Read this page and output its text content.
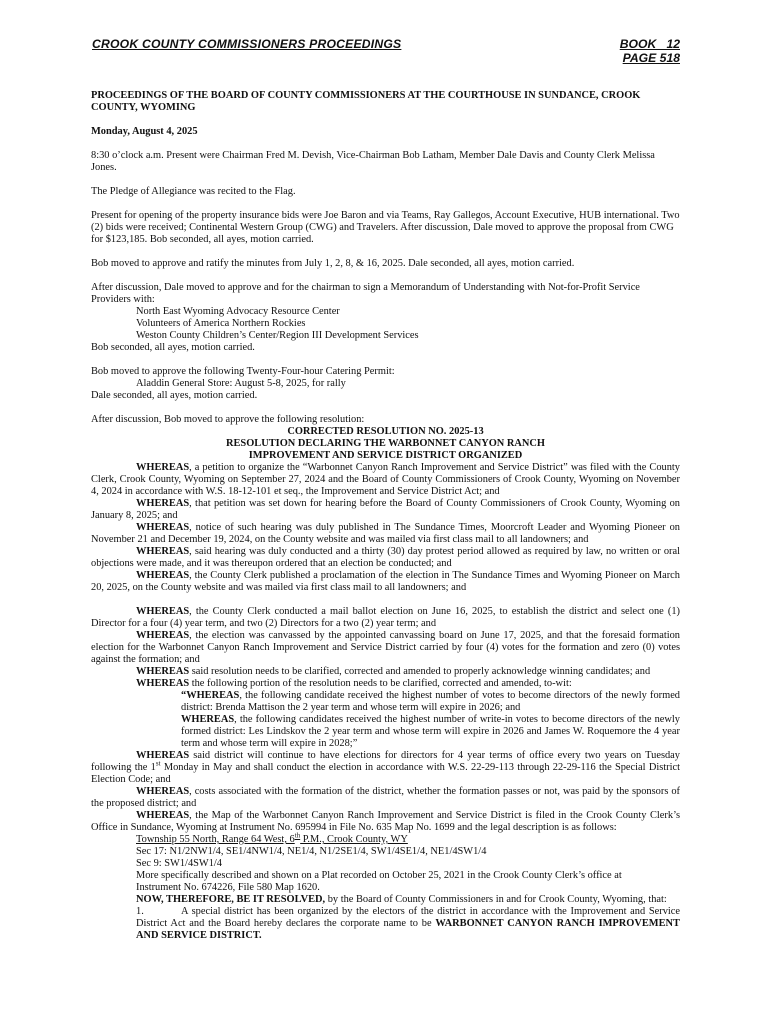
CROOK COUNTY COMMISSIONERS PROCEEDINGS	BOOK   12
PAGE 518

PROCEEDINGS OF THE BOARD OF COUNTY COMMISSIONERS AT THE COURTHOUSE IN SUNDANCE, CROOK COUNTY, WYOMING

Monday, August 4, 2025

8:30 o’clock a.m. Present were Chairman Fred M. Devish, Vice-Chairman Bob Latham, Member Dale Davis and County Clerk Melissa Jones.

The Pledge of Allegiance was recited to the Flag.

Present for opening of the property insurance bids were Joe Baron and via Teams, Ray Gallegos, Account Executive, HUB international. Two (2) bids were received; Continental Western Group (CWG) and Travelers. After discussion, Dale moved to approve the proposal from CWG for $123,185. Bob seconded, all ayes, motion carried.

Bob moved to approve and ratify the minutes from July 1, 2, 8, & 16, 2025. Dale seconded, all ayes, motion carried.

After discussion, Dale moved to approve and for the chairman to sign a Memorandum of Understanding with Not-for-Profit Service Providers with:

North East Wyoming Advocacy Resource Center

Volunteers of America Northern Rockies

Weston County Children’s Center/Region III Development Services

Bob seconded, all ayes, motion carried.

Bob moved to approve the following Twenty-Four-hour Catering Permit:

Aladdin General Store: August 5-8, 2025, for rally

Dale seconded, all ayes, motion carried.

After discussion, Bob moved to approve the following resolution:

CORRECTED RESOLUTION NO. 2025-13

RESOLUTION DECLARING THE WARBONNET CANYON RANCH

IMPROVEMENT AND SERVICE DISTRICT ORGANIZED

WHEREAS, a petition to organize the “Warbonnet Canyon Ranch Improvement and Service District” was filed with the County Clerk, Crook County, Wyoming on September 27, 2024 and the Board of County Commissioners of Crook County, Wyoming on November 4, 2024 in accordance with W.S. 18-12-101 et seq., the Improvement and Service District Act; and

WHEREAS, that petition was set down for hearing before the Board of County Commissioners of Crook County, Wyoming on January 8, 2025; and

WHEREAS, notice of such hearing was duly published in The Sundance Times, Moorcroft Leader and Wyoming Pioneer on November 21 and December 19, 2024, on the County website and was mailed via first class mail to all landowners; and

WHEREAS, said hearing was duly conducted and a thirty (30) day protest period allowed as required by law, no written or oral objections were made, and it was thereupon ordered that an election be conducted; and

WHEREAS, the County Clerk published a proclamation of the election in The Sundance Times and Wyoming Pioneer on March 20, 2025, on the County website and was mailed via first class mail to all landowners; and

WHEREAS, the County Clerk conducted a mail ballot election on June 16, 2025, to establish the district and select one (1) Director for a four (4) year term, and two (2) Directors for a two (2) year term; and

WHEREAS, the election was canvassed by the appointed canvassing board on June 17, 2025, and that the foresaid formation election for the Warbonnet Canyon Ranch Improvement and Service District carried by four (4) votes for the formation and zero (0) votes against the formation; and

WHEREAS said resolution needs to be clarified, corrected and amended to properly acknowledge winning candidates; and

WHEREAS the following portion of the resolution needs to be clarified, corrected and amended, to-wit:

“WHEREAS, the following candidate received the highest number of votes to become directors of the newly formed district: Brenda Mattison the 2 year term and whose term will expire in 2026; and

WHEREAS, the following candidates received the highest number of write-in votes to become directors of the newly formed district: Les Lindskov the 2 year term and whose term will expire in 2026 and James W. Roquemore the 4 year term and whose term will expire in 2028;”

WHEREAS said district will continue to have elections for directors for 4 year terms of office every two years on Tuesday following the 1st Monday in May and shall conduct the election in accordance with W.S. 22-29-113 through 22-29-116 the Special District Election Code; and

WHEREAS, costs associated with the formation of the district, whether the formation passes or not, was paid by the sponsors of the proposed district; and

WHEREAS, the Map of the Warbonnet Canyon Ranch Improvement and Service District is filed in the Crook County Clerk’s Office in Sundance, Wyoming at Instrument No. 695994 in File No. 635 Map No. 1699 and the legal description is as follows:

Township 55 North, Range 64 West, 6th P.M., Crook County, WY

Sec 17: N1/2NW1/4, SE1/4NW1/4, NE1/4, N1/2SE1/4, SW1/4SE1/4, NE1/4SW1/4

Sec 9: SW1/4SW1/4

More specifically described and shown on a Plat recorded on October 25, 2021 in the Crook County Clerk’s office at Instrument No. 674226, File 580 Map 1620.

NOW, THEREFORE, BE IT RESOLVED, by the Board of County Commissioners in and for Crook County, Wyoming, that:

1.	A special district has been organized by the electors of the district in accordance with the Improvement and Service District Act and the Board hereby declares the corporate name to be WARBONNET CANYON RANCH IMPROVEMENT AND SERVICE DISTRICT.
